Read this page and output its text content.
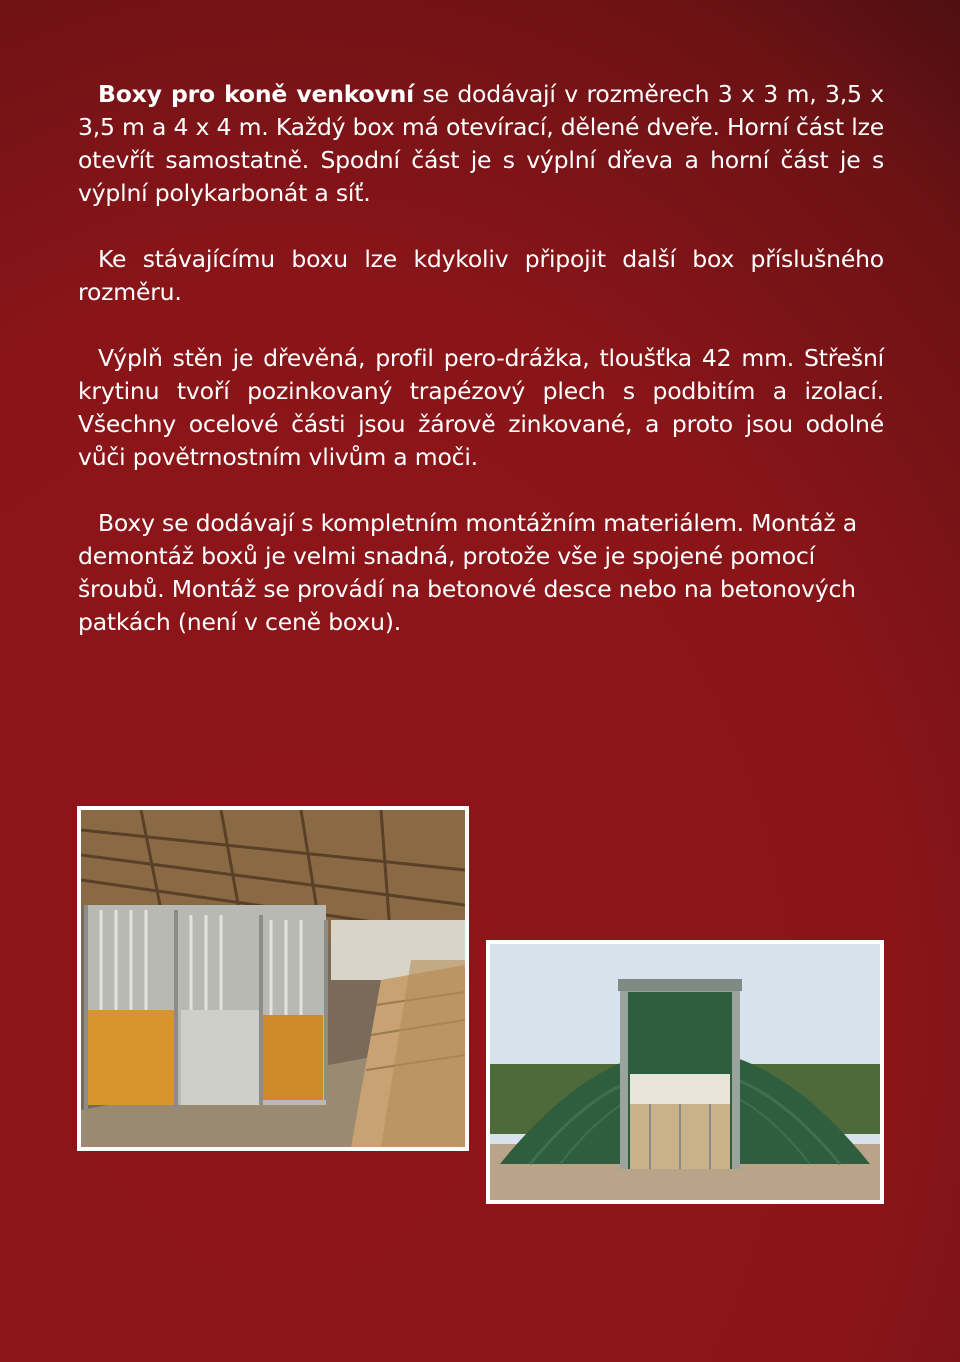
Boxy pro koně venkovní se dodávají v rozměrech 3 x 3 m, 3,5 x 3,5 m a 4 x 4 m. Každý box má otevírací, dělené dveře. Horní část lze otevřít samostatně. Spodní část je s výplní dřeva a horní část je s výplní polykarbonát a síť.

Ke stávajícímu boxu lze kdykoliv připojit další box příslušného rozměru.

Výplň stěn je dřevěná, profil pero-drážka, tloušťka 42 mm. Střešní krytinu tvoří pozinkovaný trapézový plech s podbitím a izolací. Všechny ocelové části jsou žárově zinkované, a proto jsou odolné vůči povětrnostním vlivům a moči.

Boxy se dodávají s kompletním montážním materiálem. Montáž a demontáž boxů je velmi snadná, protože vše je spojené pomocí šroubů. Montáž se provádí na betonové desce nebo na betonových patkách (není v ceně boxu).
